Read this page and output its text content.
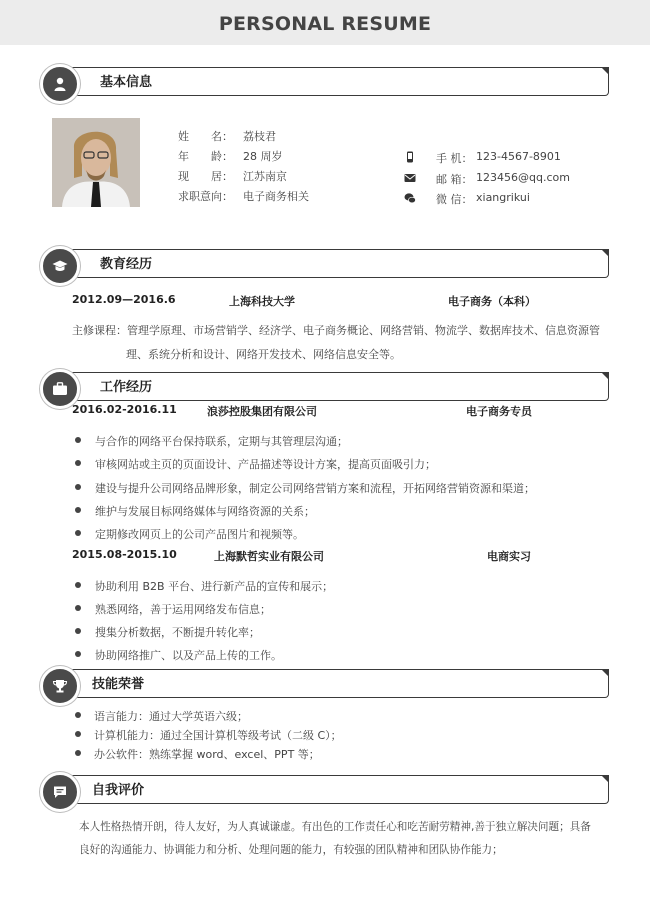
PERSONAL RESUME
基本信息
姓　　名： 荔枝君
年　　龄： 28 周岁
现　　居： 江苏南京
求职意向： 电子商务相关
手 机： 123-4567-8901
邮 箱： 123456@qq.com
微 信： xiangrikui
教育经历
2012.09—2016.6	上海科技大学	电子商务（本科）
主修课程：管理学原理、市场营销学、经济学、电子商务概论、网络营销、物流学、数据库技术、信息资源管
理、系统分析和设计、网络开发技术、网络信息安全等。
工作经历
2016.02-2016.11	浪莎控股集团有限公司	电子商务专员
与合作的网络平台保持联系，定期与其管理层沟通；
审核网站或主页的页面设计、产品描述等设计方案，提高页面吸引力；
建设与提升公司网络品牌形象，制定公司网络营销方案和流程，开拓网络营销资源和渠道；
维护与发展目标网络媒体与网络资源的关系；
定期修改网页上的公司产品图片和视频等。
2015.08-2015.10	上海默哲实业有限公司	电商实习
协助利用 B2B 平台、进行新产品的宣传和展示；
熟悉网络，善于运用网络发布信息；
搜集分析数据，不断提升转化率；
协助网络推广、以及产品上传的工作。
技能荣誉
语言能力：通过大学英语六级；
计算机能力：通过全国计算机等级考试（二级 C）；
办公软件：熟练掌握 word、excel、PPT 等；
自我评价
本人性格热情开朗，待人友好，为人真诚谦虚。有出色的工作责任心和吃苦耐劳精神,善于独立解决问题；具备
良好的沟通能力、协调能力和分析、处理问题的能力，有较强的团队精神和团队协作能力；
